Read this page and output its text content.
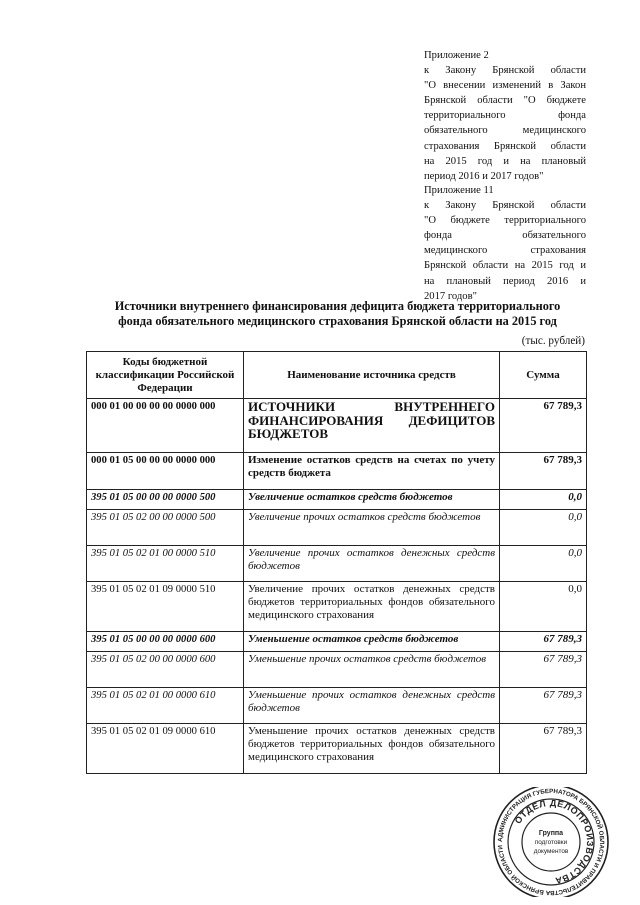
Приложение 2
к Закону Брянской области
"О внесении изменений в Закон
Брянской области "О бюджете
территориального фонда
обязательного медицинского
страхования Брянской области
на 2015 год и на плановый
период 2016 и 2017 годов"
Приложение 11
к Закону Брянской области
"О бюджете территориального
фонда обязательного
медицинского страхования
Брянской области на 2015 год и
на плановый период 2016 и
2017 годов"
Источники внутреннего финансирования дефицита бюджета территориального
фонда обязательного медицинского страхования Брянской области на 2015 год
(тыс. рублей)
Коды бюджетной классификации Российской Федерации	Наименование источника средств	Сумма
000 01 00 00 00 00 0000 000	ИСТОЧНИКИ ВНУТРЕННЕГО ФИНАНСИРОВАНИЯ ДЕФИЦИТОВ БЮДЖЕТОВ	67 789,3
000 01 05 00 00 00 0000 000	Изменение остатков средств на счетах по учету средств бюджета	67 789,3
395 01 05 00 00 00 0000 500	Увеличение остатков средств бюджетов	0,0
395 01 05 02 00 00 0000 500	Увеличение прочих остатков средств бюджетов	0,0
395 01 05 02 01 00 0000 510	Увеличение прочих остатков денежных средств бюджетов	0,0
395 01 05 02 01 09 0000 510	Увеличение прочих остатков денежных средств бюджетов территориальных фондов обязательного медицинского страхования	0,0
395 01 05 00 00 00 0000 600	Уменьшение остатков средств бюджетов	67 789,3
395 01 05 02 00 00 0000 600	Уменьшение прочих остатков средств бюджетов	67 789,3
395 01 05 02 01 00 0000 610	Уменьшение прочих остатков денежных средств бюджетов	67 789,3
395 01 05 02 01 09 0000 610	Уменьшение прочих остатков денежных средств бюджетов территориальных фондов обязательного медицинского страхования	67 789,3
АДМИНИСТРАЦИЯ ГУБЕРНАТОРА БРЯНСКОЙ ОБЛАСТИ И ПРАВИТЕЛЬСТВА БРЯНСКОЙ ОБЛАСТИ
ОТДЕЛ ДЕЛОПРОИЗВОДСТВА
Группа
подготовки
документов
